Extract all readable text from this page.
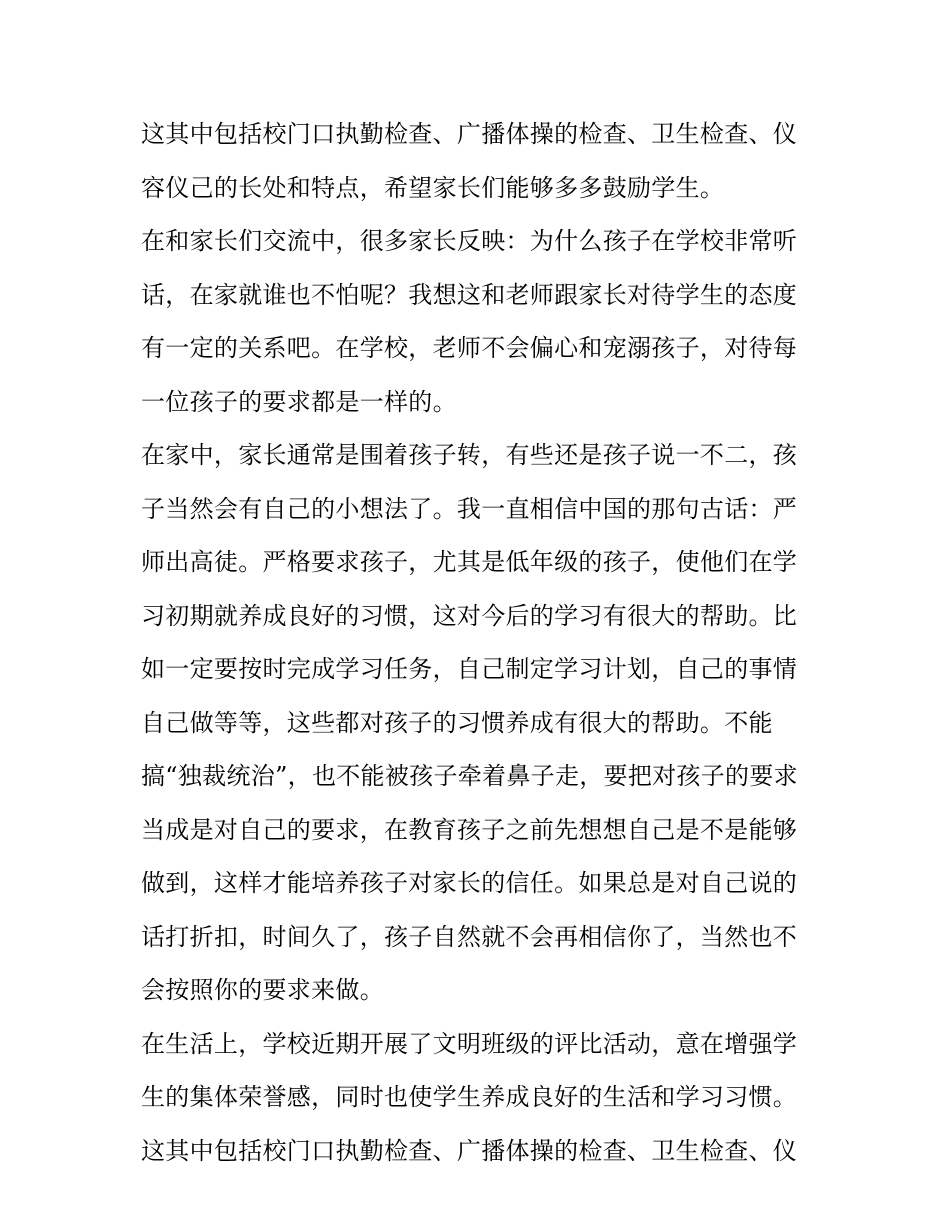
这其中包括校门口执勤检查、广播体操的检查、卫生检查、仪
容仪己的长处和特点，希望家长们能够多多鼓励学生。
在和家长们交流中，很多家长反映：为什么孩子在学校非常听
话，在家就谁也不怕呢？我想这和老师跟家长对待学生的态度
有一定的关系吧。在学校，老师不会偏心和宠溺孩子，对待每
一位孩子的要求都是一样的。
在家中，家长通常是围着孩子转，有些还是孩子说一不二，孩
子当然会有自己的小想法了。我一直相信中国的那句古话：严
师出高徒。严格要求孩子，尤其是低年级的孩子，使他们在学
习初期就养成良好的习惯，这对今后的学习有很大的帮助。比
如一定要按时完成学习任务，自己制定学习计划，自己的事情
自己做等等，这些都对孩子的习惯养成有很大的帮助。不能
搞“独裁统治”，也不能被孩子牵着鼻子走，要把对孩子的要求
当成是对自己的要求，在教育孩子之前先想想自己是不是能够
做到，这样才能培养孩子对家长的信任。如果总是对自己说的
话打折扣，时间久了，孩子自然就不会再相信你了，当然也不
会按照你的要求来做。
在生活上，学校近期开展了文明班级的评比活动，意在增强学
生的集体荣誉感，同时也使学生养成良好的生活和学习习惯。
这其中包括校门口执勤检查、广播体操的检查、卫生检查、仪
